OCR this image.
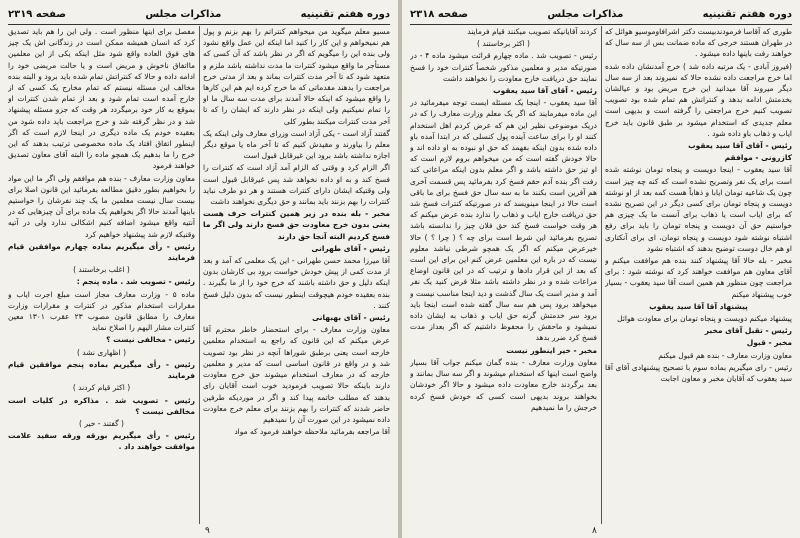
دوره هفتم تقنینیه
مذاکرات مجلس
صفحه ۲۳۱۸

طوری که آقاسا فرمودندبیست دکتر اشرافاوموسیو هوائل که در طهران هستند خرجی که ماده ضمانت بس از سه سال که خواهند رفت باینها داده میشود .

(فیروز آبادی - یک مرتبه داده شد ) خرج آمدنشان داده شده اما خرج مراجعت داده نشده حالا که نمیروند بعد از سه سال دیگر میروند آقا میدانید این خرج مریض بود و عیالشان بخدمتش ادامه بدهد و کنتراتش هم تمام شده بود تصویب تصویب کنیم خرج مراجعتی را گرفته است و بدیهی است معلم جدیدی که استخدام میشود بر طبق قانون باید خرج ایاب و ذهاب باو داده شود .

رئیس - آقای آقا سید یعقوب

کازرونی - موافقم

آقا سید یعقوب - اینجا دویست و پنجاه تومان نوشته شده است برای یک نفر وتصریح نشده است که کنه چه چیز است چون یک شاعیه تومان ایابا و ذهاباً هست کمه بعد از او نوشته دویست و پنجاه تومان برای کسی دیگر در این تصریح نشده که برای ایاب است یا ذهاب برای آنست ما یک چیزی هم خواستیم حق آن دویست و پنجاه تومان را باید برای رفع اشتباه نوشته شود دویست و پنجاه تومان، ای برای آنکتاری او هم خال دوست توضیح بدهند که اشتباه نشود

مخبر - بله حالا آقا پیشنهاد کنند بنده هم موافقت میکنم و آقای معاون هم موافقت خواهند کرد که نوشته شود : برای مراجعت چون منظور هم همین است آقا سید یعقوب - بسیار خوب پیشنهاد میکنم

پیشنهاد آقا آقا سید یعقوب

پیشنهاد میکنم دویست و پنجاه تومان برای معاودت هوائل

رئیس - تقبل آقای مخبر

مخبر - قبول

معاون وزارت معارف - بنده هم قبول میکنم

رئیس - رای میگیریم بماده سوم با تصحیح پیشنهادی آقای آقا سید یعقوب که آقایان مخبر و معاون اجابت

کردند آقایانیکه تصویب میکنند قیام فرمایند

( اکثر برخاستند )

رئیس - تصویب شد . ماده چهارم قرائت میشود ماده ۴ - در صورتیکه مدیر و معلمین مذکور شخصاً کنترات خود را فسخ نمایند حق دریافت خارج معاودت را نخواهند داشت

رئیس - آقای آقا سید یعقوب

آقا سید یعقوب - اینجا یک مسئله ایست توجه میفرمائید در این ماده میفرمایند که اگر یک معلم وزارت معارف را که در دریک موضوعی نظیر این هم که عرض کردم اهل استخدام کنند او را برای ساعت آینده پول کنسلی که در ابتدا آمده باو داده شده بدون اینکه بفهمد که حق او نبوده به او داده اند و حالا خودش گفته است که من میخواهم بروم لازم است که او تیز حق داشته باشد و اگر معلم بدون اینکه مراعاتی کند رفت اگر بنده آدم حقم فسخ کرد بفرمائید پس قسمت آخری هم آفرین است بکنند ما به سه سال حق فسخ برای ما باقی است حالا در اینجا مینویسد که در صورتیکه کنترات فسخ شد حق دریافت خارج ایاب و ذهاب را ندارد بنده عرض میکنم که هر وقت خواست فسخ کند حق فلان چیز را ندانسته باشد تصریح بفرمائید این شرط است برای چه ؟ ( چرا ؟ ) حالا خیرعرض میکنم که اگر یک همچو شرطی نباشد معلوم نیست که در باره این معلمین عرض کنم این برای این است که بعد از این قرار دادها و ترتیب که در این قانون اوضاع مراعات شده و در نظر داشته باشد مثلا فرض کنید یک نفر آمد و مدیر است یک سال گذشت و دید اینجا مناسب نیست و میخواهد برود پس هم سه سال گفته شده است اینجا باید برود سر خدمتش گرنه حق ایاب و ذهاب به ایشان داده نمیشود و ماحقش را محفوظ داشتیم که اگر بعداز مدت فسخ کرد ضرر بدهد

مخبر - خیر اینطور نیست

معاون وزارت معارف - بنده گمان میکنم جواب آقا بسیار واضح است اینها که استخدام میشوند و اگر سه سال بمانند و بعد برگردند خارج معاودت داده میشود و حالا اگر خودشان بخواهند بروند بدیهی است کسی که خودش فسخ کرده خرجش را ما نمیدهیم

۸
دوره هفتم تقنینیه
مذاکرات مجلس
صفحه ۲۳۱۹

مسیو معلم میگوید من میخواهم کنتراتم را بهم بزنم و پول هم نمیخواهم و این کار را کنید اما اینکه این عمل واقع نشود ولی بنده این را میگویم که اگر در نظر باشد که آن کسی که مستأجر ما واقع میشود کنترات ما مدت نداشته باشد ملزم و متعهد شود که تا آخر مدت کنترات بماند و بعد از مدتی خرج مراجعت را بدهند مقدماتی که ما خرج کرده ایم هم این کارها را واقع میشود که اینکه حالا آمدند برای مدت سه سال ما او را تمام نمیکنیم ولی اینکه در نظر دارند که ایشان را که تا آخر مدت کنترات میکنند بطور کلی

گفتند آزاد است - یکی آزاد است وزرای معارف ولی اینکه یک معلم را بیاورند و مقیدش کنیم که تا آخر ماه یا موقع دیگر اجازه نداشته باشد برود این غیرقابل قبول است

اگر الزام کرد و وقتی که الزام آمد آزاد است که کنترات را فسخ کند و به او داده نخواهد شد پس غیرقابل قبول است ولی وقتیکه ایشان دارای کنترات هستند و هر دو طرف نباید کنترات را بهم بزنند باید بمانند و حق دیگری نخواهند داشت

مخبر - بله بنده در زیر همین کنترات حرف هست یعنی بدون خرج معاودت حق فسخ دارند ولی اگر ما فسخ کردیم البته آنجا حق دارند

رئیس - آقای طهرانی

آقا میرزا محمد حسن طهرانی - این یک معلمی که آمد و بعد از مدت کمی از پیش خودش خواست برود بی کارشان بدون اینکه دلیل و حق داشته باشند که خرج خود را از ما بگیرند . بنده بعقیده خودم هیچوقت اینطور نیست که بدون دلیل فسخ کنند .

رئیس - آقای بهبهانی

معاون وزارت معارف - برای استحضار خاطر محترم آقا عرض میکنم که این قانون که راجع به استخدام معلمین خارجه است یعنی برطبق شوراها آنچه در نظر بود تصویب شد و در واقع در قانون اساسی است که مدیر و معلمین خارجه که در معارف استخدام میشوند حق خرج معاودت دارند باینکه حالا تصویب فرمودید خوب است آقایان رای بدهند که مطلب خاتمه پیدا کند و اگر در موردیکه طرفین حاضر شدند که کنترات را بهم بزنند برای معلم خرج معاودت داده نمیشود در این صورت آن را نمیدهیم

آقا مراجعه بفرمائید ملاحظه خواهند فرمود که مواد

مفصل برای اینها منظور است . ولی این را هم باید تصدیق کرد که انسان همیشه ممکن است در زندگانی اش یک چیز های فوق العاده واقع شود مثل اینکه یکی از این معلمین مااتفاق ناخوش و مریض است و یا حالت مریضی خود را ادامه داده و حالا که کنتراتش تمام شده باید برود و البته بنده مخالف این مسئله نیستم که تمام مخارج یک کسی که از خارج آمده است تمام شود و بعد از تمام شدن کنترات او بموقع به کار خود برمیگردد هر وقت که جزو مسئله پیشنهاد شد و در نظر گرفته شد و خرج مراجعت باید داده شود من بعقیده خودم یک ماده دیگری در اینجا لازم است که اگر اینطور اتفاق افتاد یک ماده مخصوصی ترتیب بدهند که این خرج را ما بدهیم یک همچو ماده را البته آقای معاون تصدیق خواهند فرمود

معاون وزارت معارف - بنده هم موافقم ولی اگر ما این مواد را بخواهیم بطور دقیق مطالعه بفرمائید این قانون اصلا برای بیست سال نیست معلمین ما یک چند نفرشان را خواستیم باینها آمدند حالا اگر بخواهیم یک ماده برای آن چیزهایی که در آنتیه واقع میشود اضافه کنیم اشکالی ندارد ولی در آتیه وقتیکه لازم شد پیشنهاد خواهیم کرد

رئیس - رأی میگیریم بماده چهارم موافقین قیام فرمایند

( اغلب برخاستند )

رئیس - تصویب شد . ماده پنجم :

ماده ۵ - وزارت معارف مجاز است مبلغ اجرت ایاب و مقرارات استخدام مذکور در کنترات و مقرارات وزارت معارف را مطابق قانون مصوب ۲۳ عقرب ۱۳۰۱ معین کنترات مشار الیهم را اصلاح نماید

رئیس - مخالفی نیست ؟

( اظهاری نشد )

رئیس - رأی میگیریم بماده پنجم موافقین قیام فرمایند

( اکثر قیام کردند )

رئیس - تصویب شد . مذاکره در کلیات است مخالفی نیست ؟

( گفتند - خیر )

رئیس - رأی میگیریم بورقه ورقه سفید علامت موافقت خواهند داد .

۹
